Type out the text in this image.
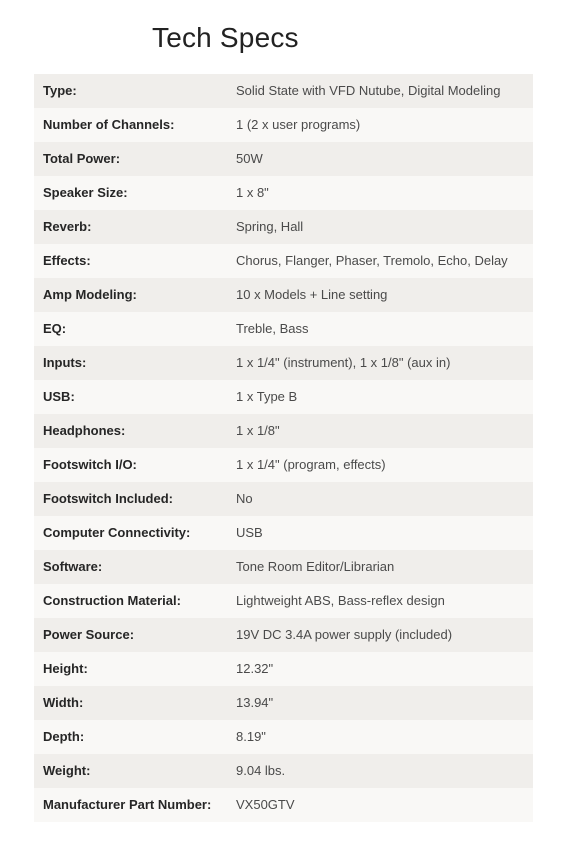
Tech Specs
Type:	Solid State with VFD Nutube, Digital Modeling
Number of Channels:	1 (2 x user programs)
Total Power:	50W
Speaker Size:	1 x 8"
Reverb:	Spring, Hall
Effects:	Chorus, Flanger, Phaser, Tremolo, Echo, Delay
Amp Modeling:	10 x Models + Line setting
EQ:	Treble, Bass
Inputs:	1 x 1/4" (instrument), 1 x 1/8" (aux in)
USB:	1 x Type B
Headphones:	1 x 1/8"
Footswitch I/O:	1 x 1/4" (program, effects)
Footswitch Included:	No
Computer Connectivity:	USB
Software:	Tone Room Editor/Librarian
Construction Material:	Lightweight ABS, Bass-reflex design
Power Source:	19V DC 3.4A power supply (included)
Height:	12.32"
Width:	13.94"
Depth:	8.19"
Weight:	9.04 lbs.
Manufacturer Part Number:	VX50GTV
